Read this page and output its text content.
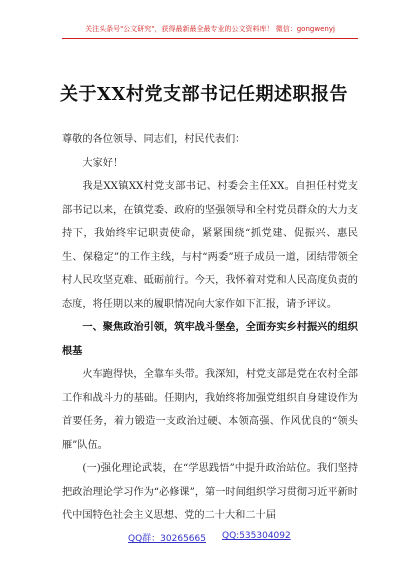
关注头条号"公文研究"，获得最新最全最专业的公文资料库！ 微信：gongwenyj
关于XX村党支部书记任期述职报告

尊敬的各位领导、同志们，村民代表们：

大家好！

我是XX镇XX村党支部书记、村委会主任XX。自担任村党支部书记以来，在镇党委、政府的坚强领导和全村党员群众的大力支持下，我始终牢记职责使命，紧紧围绕“抓党建、促振兴、惠民生、保稳定”的工作主线，与村“两委”班子成员一道，团结带领全村人民攻坚克难、砥砺前行。今天，我怀着对党和人民高度负责的态度，将任期以来的履职情况向大家作如下汇报，请予评议。

一、聚焦政治引领，筑牢战斗堡垒，全面夯实乡村振兴的组织根基

火车跑得快，全靠车头带。我深知，村党支部是党在农村全部工作和战斗力的基础。任期内，我始终将加强党组织自身建设作为首要任务，着力锻造一支政治过硬、本领高强、作风优良的“领头雁”队伍。

(一)强化理论武装，在“学思践悟”中提升政治站位。我们坚持把政治理论学习作为“必修课”，第一时间组织学习贯彻习近平新时代中国特色社会主义思想、党的二十大和二十届

QQ群：30265665 QQ:535304092
